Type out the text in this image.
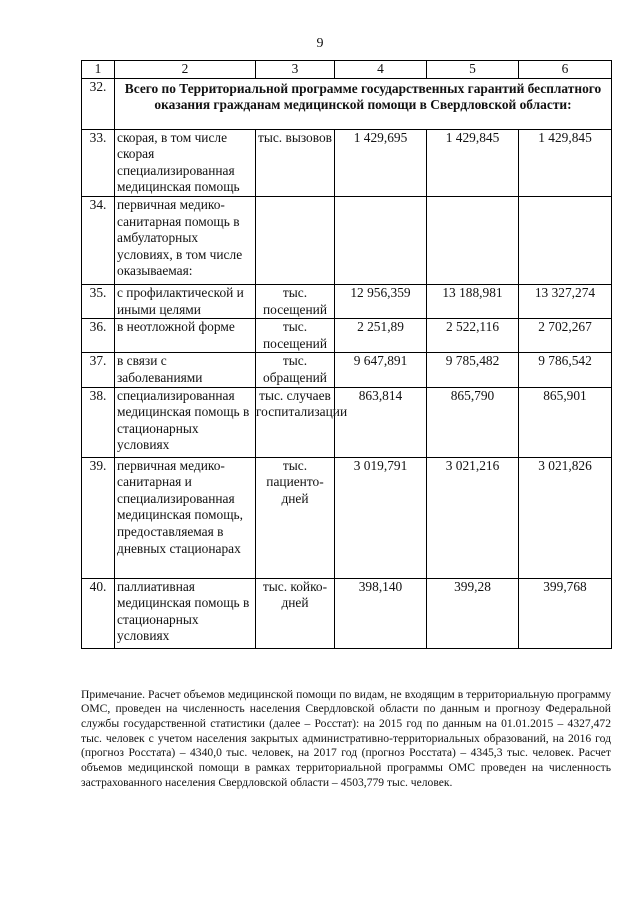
9
1	2	3	4	5	6
32.	Всего по Территориальной программе государственных гарантий бесплатного оказания гражданам медицинской помощи в Свердловской области:				
33.	скорая, в том числе скорая специализированная медицинская помощь	тыс. вызовов	1 429,695	1 429,845	1 429,845
34.	первичная медико-санитарная помощь в амбулаторных условиях, в том числе оказываемая:				
35.	с профилактической и иными целями	тыс. посещений	12 956,359	13 188,981	13 327,274
36.	в неотложной форме	тыс. посещений	2 251,89	2 522,116	2 702,267
37.	в связи с заболеваниями	тыс. обращений	9 647,891	9 785,482	9 786,542
38.	специализированная медицинская помощь в стационарных условиях	тыс. случаев госпитализации	863,814	865,790	865,901
39.	первичная медико-санитарная и специализированная медицинская помощь, предоставляемая в дневных стационарах	тыс. пациенто-дней	3 019,791	3 021,216	3 021,826
40.	паллиативная медицинская помощь в стационарных условиях	тыс. койко-дней	398,140	399,28	399,768

Примечание. Расчет объемов медицинской помощи по видам, не входящим в территориальную программу ОМС, проведен на численность населения Свердловской области по данным и прогнозу Федеральной службы государственной статистики (далее – Росстат): на 2015 год по данным на 01.01.2015 – 4327,472 тыс. человек с учетом населения закрытых административно-территориальных образований, на 2016 год (прогноз Росстата) – 4340,0 тыс. человек, на 2017 год (прогноз Росстата) – 4345,3 тыс. человек. Расчет объемов медицинской помощи в рамках территориальной программы ОМС проведен на численность застрахованного населения Свердловской области – 4503,779 тыс. человек.
